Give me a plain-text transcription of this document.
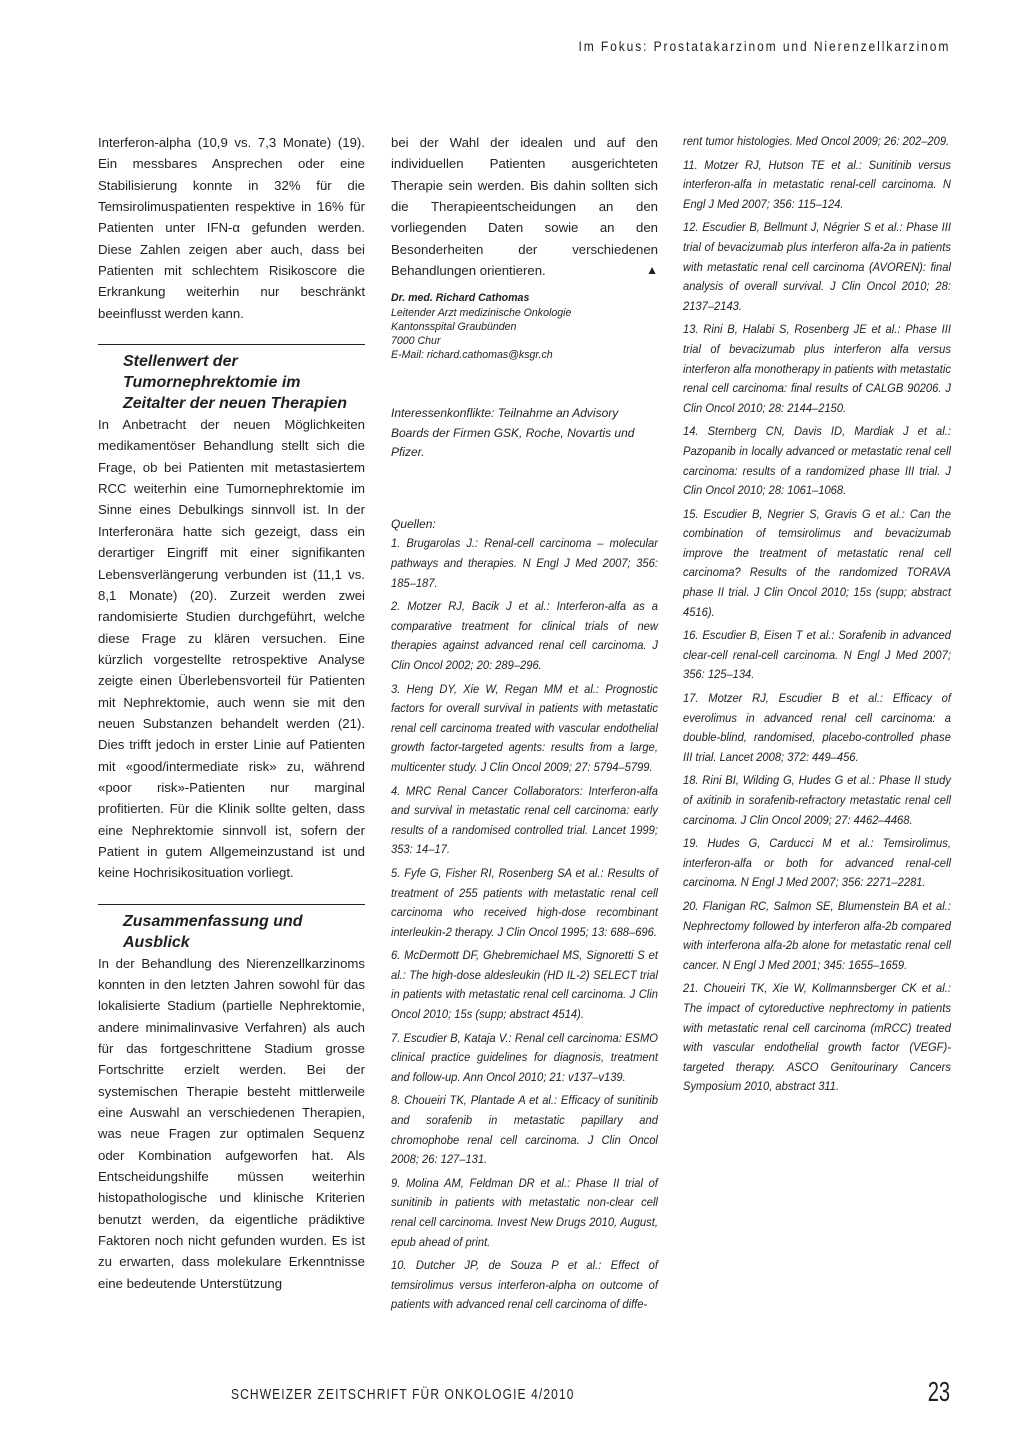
Im Fokus: Prostatakarzinom und Nierenzellkarzinom

Interferon-alpha (10,9 vs. 7,3 Monate) (19). Ein messbares Ansprechen oder eine Stabilisierung konnte in 32% für die Temsirolimuspatienten respektive in 16% für Patienten unter IFN-α gefunden werden. Diese Zahlen zeigen aber auch, dass bei Patienten mit schlechtem Risikoscore die Erkrankung weiterhin nur beschränkt beeinflusst werden kann.

Stellenwert der Tumornephrektomie im Zeitalter der neuen Therapien

In Anbetracht der neuen Möglichkeiten medikamentöser Behandlung stellt sich die Frage, ob bei Patienten mit metastasiertem RCC weiterhin eine Tumornephrektomie im Sinne eines Debulkings sinnvoll ist. In der Interferonära hatte sich gezeigt, dass ein derartiger Eingriff mit einer signifikanten Lebensverlängerung verbunden ist (11,1 vs. 8,1 Monate) (20). Zurzeit werden zwei randomisierte Studien durchgeführt, welche diese Frage zu klären versuchen. Eine kürzlich vorgestellte retrospektive Analyse zeigte einen Überlebensvorteil für Patienten mit Nephrektomie, auch wenn sie mit den neuen Substanzen behandelt werden (21). Dies trifft jedoch in erster Linie auf Patienten mit «good/intermediate risk» zu, während «poor risk»-Patienten nur marginal profitierten. Für die Klinik sollte gelten, dass eine Nephrektomie sinnvoll ist, sofern der Patient in gutem Allgemeinzustand ist und keine Hochrisikosituation vorliegt.

Zusammenfassung und Ausblick

In der Behandlung des Nierenzellkarzinoms konnten in den letzten Jahren sowohl für das lokalisierte Stadium (partielle Nephrektomie, andere minimalinvasive Verfahren) als auch für das fortgeschrittene Stadium grosse Fortschritte erzielt werden. Bei der systemischen Therapie besteht mittlerweile eine Auswahl an verschiedenen Therapien, was neue Fragen zur optimalen Sequenz oder Kombination aufgeworfen hat. Als Entscheidungshilfe müssen weiterhin histopathologische und klinische Kriterien benutzt werden, da eigentliche prädiktive Faktoren noch nicht gefunden wurden. Es ist zu erwarten, dass molekulare Erkenntnisse eine bedeutende Unterstützung

bei der Wahl der idealen und auf den individuellen Patienten ausgerichteten Therapie sein werden. Bis dahin sollten sich die Therapieentscheidungen an den vorliegenden Daten sowie an den Besonderheiten der verschiedenen Behandlungen orientieren.	▲

Dr. med. Richard Cathomas
Leitender Arzt medizinische Onkologie
Kantonsspital Graubünden
7000 Chur
E-Mail: richard.cathomas@ksgr.ch
Interessenkonflikte: Teilnahme an Advisory Boards der Firmen GSK, Roche, Novartis und Pfizer.
Quellen:

1. Brugarolas J.: Renal-cell carcinoma – molecular pathways and therapies. N Engl J Med 2007; 356: 185–187.

2. Motzer RJ, Bacik J et al.: Interferon-alfa as a comparative treatment for clinical trials of new therapies against advanced renal cell carcinoma. J Clin Oncol 2002; 20: 289–296.

3. Heng DY, Xie W, Regan MM et al.: Prognostic factors for overall survival in patients with metastatic renal cell carcinoma treated with vascular endothelial growth factor-targeted agents: results from a large, multicenter study. J Clin Oncol 2009; 27: 5794–5799.

4. MRC Renal Cancer Collaborators: Interferon-alfa and survival in metastatic renal cell carcinoma: early results of a randomised controlled trial. Lancet 1999; 353: 14–17.

5. Fyfe G, Fisher RI, Rosenberg SA et al.: Results of treatment of 255 patients with metastatic renal cell carcinoma who received high-dose recombinant interleukin-2 therapy. J Clin Oncol 1995; 13: 688–696.

6. McDermott DF, Ghebremichael MS, Signoretti S et al.: The high-dose aldesleukin (HD IL-2) SELECT trial in patients with metastatic renal cell carcinoma. J Clin Oncol 2010; 15s (supp; abstract 4514).

7. Escudier B, Kataja V.: Renal cell carcinoma: ESMO clinical practice guidelines for diagnosis, treatment and follow-up. Ann Oncol 2010; 21: v137–v139.

8. Choueiri TK, Plantade A et al.: Efficacy of sunitinib and sorafenib in metastatic papillary and chromophobe renal cell carcinoma. J Clin Oncol 2008; 26: 127–131.

9. Molina AM, Feldman DR et al.: Phase II trial of sunitinib in patients with metastatic non-clear cell renal cell carcinoma. Invest New Drugs 2010, August, epub ahead of print.

10. Dutcher JP, de Souza P et al.: Effect of temsirolimus versus interferon-alpha on outcome of patients with advanced renal cell carcinoma of diffe-

rent tumor histologies. Med Oncol 2009; 26: 202–209.

11. Motzer RJ, Hutson TE et al.: Sunitinib versus interferon-alfa in metastatic renal-cell carcinoma. N Engl J Med 2007; 356: 115–124.

12. Escudier B, Bellmunt J, Négrier S et al.: Phase III trial of bevacizumab plus interferon alfa-2a in patients with metastatic renal cell carcinoma (AVOREN): final analysis of overall survival. J Clin Oncol 2010; 28: 2137–2143.

13. Rini B, Halabi S, Rosenberg JE et al.: Phase III trial of bevacizumab plus interferon alfa versus interferon alfa monotherapy in patients with metastatic renal cell carcinoma: final results of CALGB 90206. J Clin Oncol 2010; 28: 2144–2150.

14. Sternberg CN, Davis ID, Mardiak J et al.: Pazopanib in locally advanced or metastatic renal cell carcinoma: results of a randomized phase III trial. J Clin Oncol 2010; 28: 1061–1068.

15. Escudier B, Negrier S, Gravis G et al.: Can the combination of temsirolimus and bevacizumab improve the treatment of metastatic renal cell carcinoma? Results of the randomized TORAVA phase II trial. J Clin Oncol 2010; 15s (supp; abstract 4516).

16. Escudier B, Eisen T et al.: Sorafenib in advanced clear-cell renal-cell carcinoma. N Engl J Med 2007; 356: 125–134.

17. Motzer RJ, Escudier B et al.: Efficacy of everolimus in advanced renal cell carcinoma: a double-blind, randomised, placebo-controlled phase III trial. Lancet 2008; 372: 449–456.

18. Rini BI, Wilding G, Hudes G et al.: Phase II study of axitinib in sorafenib-refractory metastatic renal cell carcinoma. J Clin Oncol 2009; 27: 4462–4468.

19. Hudes G, Carducci M et al.: Temsirolimus, interferon-alfa or both for advanced renal-cell carcinoma. N Engl J Med 2007; 356: 2271–2281.

20. Flanigan RC, Salmon SE, Blumenstein BA et al.: Nephrectomy followed by interferon alfa-2b compared with interferona alfa-2b alone for metastatic renal cell cancer. N Engl J Med 2001; 345: 1655–1659.

21. Choueiri TK, Xie W, Kollmannsberger CK et al.: The impact of cytoreductive nephrectomy in patients with metastatic renal cell carcinoma (mRCC) treated with vascular endothelial growth factor (VEGF)-targeted therapy. ASCO Genitourinary Cancers Symposium 2010, abstract 311.

SCHWEIZER ZEITSCHRIFT FÜR ONKOLOGIE 4/2010	23
